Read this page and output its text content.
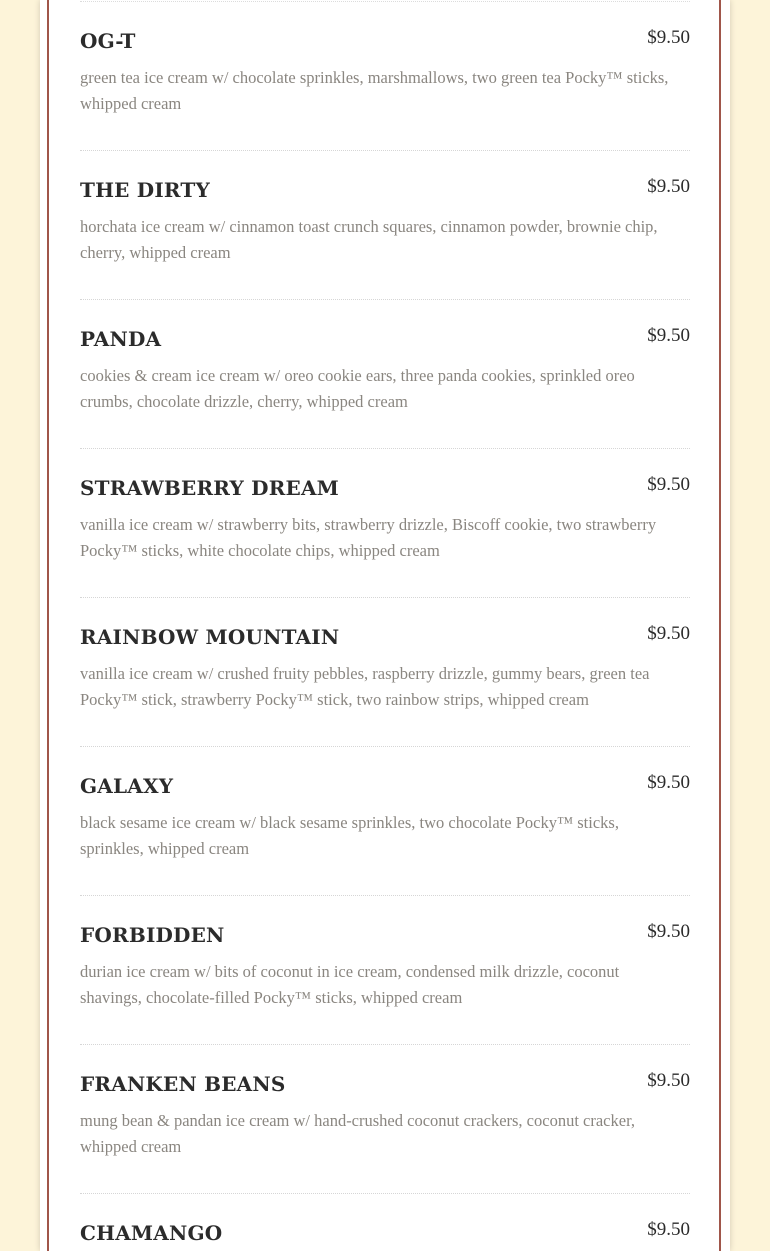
OG-T	$9.50
green tea ice cream w/ chocolate sprinkles, marshmallows, two green tea Pocky™ sticks, whipped cream
THE DIRTY	$9.50
horchata ice cream w/ cinnamon toast crunch squares, cinnamon powder, brownie chip, cherry, whipped cream
PANDA	$9.50
cookies & cream ice cream w/ oreo cookie ears, three panda cookies, sprinkled oreo crumbs, chocolate drizzle, cherry, whipped cream
STRAWBERRY DREAM	$9.50
vanilla ice cream w/ strawberry bits, strawberry drizzle, Biscoff cookie, two strawberry Pocky™ sticks, white chocolate chips, whipped cream
RAINBOW MOUNTAIN	$9.50
vanilla ice cream w/ crushed fruity pebbles, raspberry drizzle, gummy bears, green tea Pocky™ stick, strawberry Pocky™ stick, two rainbow strips, whipped cream
GALAXY	$9.50
black sesame ice cream w/ black sesame sprinkles, two chocolate Pocky™ sticks, sprinkles, whipped cream
FORBIDDEN	$9.50
durian ice cream w/ bits of coconut in ice cream, condensed milk drizzle, coconut shavings, chocolate-filled Pocky™ sticks, whipped cream
FRANKEN BEANS	$9.50
mung bean & pandan ice cream w/ hand-crushed coconut crackers, coconut cracker, whipped cream
CHAMANGO	$9.50
